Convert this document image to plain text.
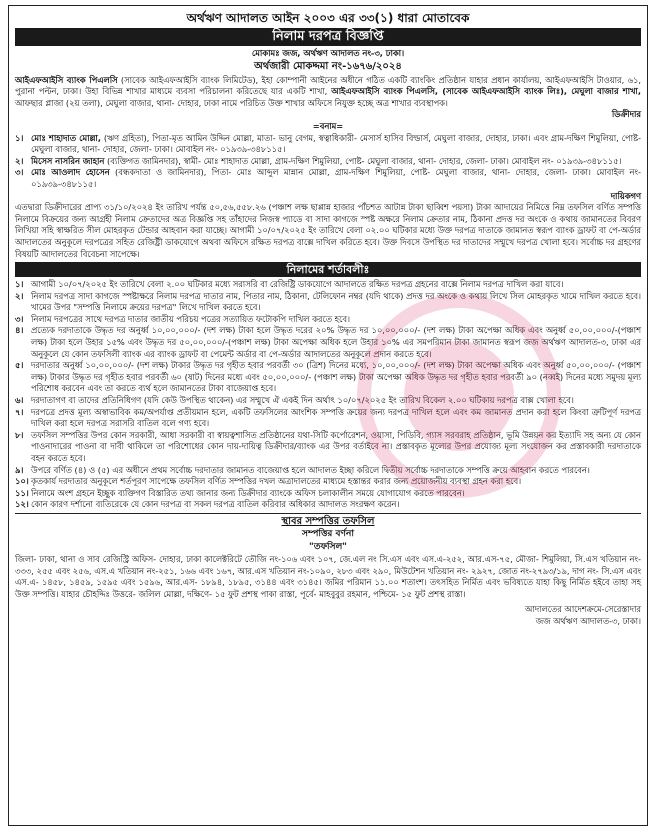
অর্থঋণ আদালত আইন ২০০৩ এর ৩৩(১) ধারা মোতাবেক
নিলাম দরপত্র বিজ্ঞপ্তি
মোকামঃ জজ, অর্থঋণ আদালত নং-৩, ঢাকা।
অর্থজারী মোকদ্দমা নং-১৬৭৬/২০২৪

আইএফআইসি ব্যাংক পিএলসি (সাবেক আইএফআইসি ব্যাংক লিমিটেড), ইহা কোম্পানী আইনের অধীনে গঠিত একটি ব্যাংকিং প্রতিষ্ঠান যাহার প্রধান কার্যালয়, আইএফআইসি টাওয়ার, ৬১, পুরানা পল্টন, ঢাকা। উহা বিভিন্ন শাখার মাধ্যমে ব্যবসা পরিচালনা করিতেছে যার একটি শাখা, আইএফআইসি ব্যাংক পিএলসি, (সাবেক আইএফআইসি ব্যাংক লিঃ), মেঘুলা বাজার শাখা, আফছার প্লাজা (২য় তলা), মেঘুলা বাজার, থানা- দোহার, ঢাকা নামে পরিচিত উক্ত শাখার অফিসে নিযুক্ত হচ্ছে অত্র শাখার ব্যবস্থাপক।

ডিক্রীদার
=বনাম=
১। মোঃ শাহাদাত মোল্লা, (ঋণ গ্রহিতা), পিতা-মৃত আমিন উদ্দিন মোল্লা, মাতা- ভানু বেগম, স্বত্বাধিকারী- মেসার্স হাসিব বিল্ডার্স, মেঘুলা বাজার, দোহার, ঢাকা। এবং গ্রাম-দক্ষিণ শিমুলিয়া, পোষ্ট- মেঘুলা বাজার, থানা- দোহার, জেলা- ঢাকা। মোবাইল নং- ০১৯৩৯-৩৪৮১১৫।
২। মিসেস নাসরিন জাহান (ব্যক্তিগত জামিনদার), স্বামী- মোঃ শাহাদাত মোল্লা, গ্রাম-দক্ষিণ শিমুলিয়া, পোষ্ট- মেঘুলা বাজার, থানা- দোহার, জেলা- ঢাকা। মোবাইল নং- ০১৯৩৯-৩৪৮১১৫।
৩। মোঃ আওলাদ হোসেন (বন্ধকদাতা ও জামিনদার), পিতা- মোঃ আব্দুল মান্নান মোল্লা, গ্রাম-দক্ষিণ শিমুলিয়া, পোষ্ট- মেঘুলা বাজার, থানা- দোহার, জেলা- ঢাকা। মোবাইল নং- ০১৯৩৯-৩৪৮১১৫।
দায়িকগণ

এতদ্বারা ডিক্রীদারের প্রাপ্য ৩১/১০/২০২৪ ইং তারিখ পর্যন্ত ৫০,৫৬,৫৫৮.২৬ (পঞ্চাশ লক্ষ ছাপ্পান্ন হাজার পাঁচশত আটান্ন টাকা ছাব্বিশ পয়সা) টাকা আদায়ের নিমিত্তে নিম্ন তফসিল বর্ণিত সম্পত্তি নিলামে বিক্রয়ের জন্য আগ্রহী নিলাম ক্রেতাদের অত্র বিজ্ঞপ্তি সহ তাঁহাদের নিজস্ব প্যাডে বা সাদা কাগজে স্পষ্ট অক্ষরে নিলাম ক্রেতার নাম, ঠিকানা প্রদত্ত দর অংকে ও কথায় জামানতের বিবরণ লিখিয়া সহি স্বাক্ষরিত সীল মোহরকৃত টেন্ডার আহবান করা যাচ্ছে। আগামী ১০/০৭/২০২৫ ইং তারিখে বেলা ০২.০০ ঘটিকার মধ্যে উক্ত দরপত্র দাতাকে জামানত স্বরূপ ব্যাংক ড্রাফট বা পে-অর্ডার আদালতের অনুকূলে দরপত্রের সহিত রেজিষ্ট্রী ডাকযোগে অথবা অফিসে রক্ষিত দরপত্র বাক্সে দাখিল করিতে হবে। উক্ত দিবসে উপস্থিত দর দাতাদের সম্মুখে দরপত্র খোলা হবে। সর্বোচ্চ দর গ্রহণের বিষয়টি আদালতের বিবেচনা সাপেক্ষে।

নিলামের শর্তাবলীঃ
১। আগামী ১০/০৭/২০২৫ ইং তারিখে বেলা ২.০০ ঘটিকার মধ্যে সরাসরি বা রেজিষ্ট্রি ডাকযোগে আদালতে রক্ষিত দরপত্র গ্রহনের বাক্সে নিলাম দরপত্র দাখিল করা যাবে।
২। নিলাম দরপত্র সাদা কাগজে স্পষ্টাক্ষরে নিলাম দরপত্র দাতার নাম, পিতার নাম, ঠিকানা, টেলিফোন নম্বর (যদি থাকে) প্রদত্ত দর অংকে ও কথায় লিখে সিল মোহরকৃত খামে দাখিল করতে হবে। খামের উপর "সম্পত্তি নিলামে ক্রয়ের দরপত্র" লিখে দাখিল করতে হবে।
৩। নিলাম দরপত্রের সাথে দরপত্র দাতার জাতীয় পরিচয় পত্রের সত্যায়িত ফটোকপি দাখিল করতে হবে।
৪। প্রত্যেক দরদাতাকে উদ্ধৃত দর অনুর্ধ্ব ১০,০০,০০০/- (দশ লক্ষ) টাকা হলে উদ্ধৃত দরের ২০% উদ্ধৃত দর ১০,০০,০০০/- (দশ লক্ষ) টাকা অপেক্ষা অধিক এবং অনুর্ধ্ব ৫০,০০,০০০/-(পঞ্চাশ লক্ষ) টাকা হলে উহার ১৫% এবং উদ্ধৃত দর ৫০,০০,০০০/-(পঞ্চাশ লক্ষ) টাকা অপেক্ষা অধিক হলে উহার ১০% এর সমপরিমান টাকা জামানত স্বরূপ জজ অর্থঋণ আদালত-৩, ঢাকা এর অনুকূলে যে কোন তফসিলী ব্যাংক এর ব্যাংক ড্রাফট বা পেমেন্ট অর্ডার বা পে-অর্ডার আদালতের অনুকূলে প্রদান করতে হবে।
৫। দরদাতার অনুর্ধ্ব ১০,০০,০০০/- (দশ লক্ষ) টাকার উদ্ধৃত দর গৃহীত হবার পরবর্তী ৩০ (ত্রিশ) দিনের মধ্যে, ১০,০০,০০০/- (দশ লক্ষ) টাকা অপেক্ষা অধিক এবং অনুর্ধ্ব ৫০,০০,০০০/- (পঞ্চাশ লক্ষ) টাকার উদ্ধৃত দর গৃহীত হবার পরবর্তী ৬০ (ষাট) দিনের মধ্যে এবং ৫০,০০,০০০/- (পঞ্চাশ লক্ষ) টাকা অপেক্ষা অধিক উদ্ধৃত দর গৃহীত হবার পরবর্তী ৯০ (নব্বই) দিনের মধ্যে সমুদয় মূল্য পরিশোধ করবেন এবং তা করতে ব্যর্থ হলে জামানতের টাকা বাজেয়াপ্ত হবে।
৬। দরদাতাগণ বা তাদের প্রতিনিধিগণ (যদি কেউ উপস্থিত থাকেন) এর সম্মুখে ঐ একই দিন অর্থাৎ ১০/০৭/২০২৫ ইং তারিখ বিকেল ২.০০ ঘটিকায় দরপত্র বাক্স খোলা হবে।
৭। দরপত্রে প্রদত্ত মূল্য অস্বাভাবিক কম/অপর্যাপ্ত প্রতীয়মান হলে, একটি তফসিলের আংশিক সম্পত্তি ক্রয়ের জন্য দরপত্র দাখিল হলে এবং কম জামানত প্রদান করা হলে কিংবা ত্রুটিপূর্ণ দরপত্র দাখিল করা হলে দরপত্র সরাসরি বাতিল বলে গণ্য হবে।
৮। তফসিল সম্পত্তির উপর কোন সরকারী, আধা সরকারী বা স্বায়ত্বশাসিত প্রতিষ্ঠানের যথা-সিটি কর্পোরেশন, ওয়াসা, পিডিবি, গ্যাস সরবরাহ প্রতিষ্ঠান, ভূমি উন্নয়ন কর ইত্যাদি সহ অন্য যে কোন পাওনাদারের পাওনা বা দাবী থাকিলে তা পরিশোধের কোন দায়-দায়িত্ব ডিক্রীদার/ব্যাংক এর উপর বর্তাইবে না। প্রস্তাবকৃত মূল্যের উপর প্রযোজ্য মূল্য সংযোজন কর প্রস্তাবকারী দরদাতাকে বহন করতে হবে।
৯। উপরে বর্ণিত (৪) ও (৫) এর অধীনে প্রথম সর্বোচ্চ দরদাতার জামানত বাজেয়াপ্ত হলে আদালত ইচ্ছা করিলে দ্বিতীয় সর্বোচ্চ দরদাতাকে সম্পত্তি ক্রয়ে আহবান করতে পারবেন।
১০। কৃতকার্য দরদাতার অনুকূলে শর্তপূরণ সাপেক্ষে তফসিল বর্ণিত সম্পত্তির দখল অত্রাদালতের মাধ্যমে হস্তান্তর করার জন্য প্রয়োজনীয় ব্যবস্থা গ্রহন করা হবে।
১১। নিলামে অংশ গ্রহনে ইচ্ছুক ব্যক্তিগণ বিস্তারিত তথ্য জানার জন্য ডিক্রীদার ব্যাংকে অফিস চলাকালীন সময়ে যোগাযোগ করতে পারবেন।
১২। কোন কারণ দর্শানো ব্যতিরেকে যে কোন দরপত্র বা সকল দরপত্র বাতিল করিবার অধিকার আদালত সংরক্ষণ করেন।
স্থাবর সম্পত্তির তফসিল
সম্পত্তির বর্ণনা
"তফসিল"

জিলা- ঢাকা, থানা ও সাব রেজিস্ট্রি অফিস- দোহার, ঢাকা কালেক্টরিটে তৌজি নং-১০৬ এবং ১০৭, জে.এল নং সি.এস এবং এস.এ-২৫২, আর.এস-৭৫, মৌজা- শিমুলিয়া, সি.এস খতিয়ান নং- ৩৩৩, ২৫৫ এবং ২৫৬, এস.এ খতিয়ান নং-২৫১, ১৬৬ এবং ১৬৭, আর.এস খতিয়ান নং-১০৯০, ২৮৩ এবং ২৯০, মিউটেশন খতিয়ান নং- ২৯২৭, জোত নং-২৭৯৩/১৯, দাগ নং- সি.এস এবং এস.এ- ১৪৫৮, ১৪৫৯, ১৫৯৫ এবং ১৫৯৬, আর.এস- ১৮৯৪, ১৮৯৫, ৩১৪৪ এবং ৩১৪৫। জমির পরিমান ১১.০০ শতাংশ। তৎসহিত নির্মিত এবং ভবিষ্যতে যাহা কিছু নির্মিত হইবে তাহা সহ উক্ত সম্পত্তি। যাহার চৌহদ্দিঃ উত্তরে- জলিল মোল্লা, দক্ষিণে- ১৫ ফুট প্রশস্থ পাকা রাস্তা, পূর্বে- মাহবুবুর রহমান, পশ্চিমে- ১৫ ফুট প্রশস্থ রাস্তা।

আদালতের আদেশক্রমে-সেরেস্তাদার
জজ অর্থঋণ আদালত-৩, ঢাকা।
